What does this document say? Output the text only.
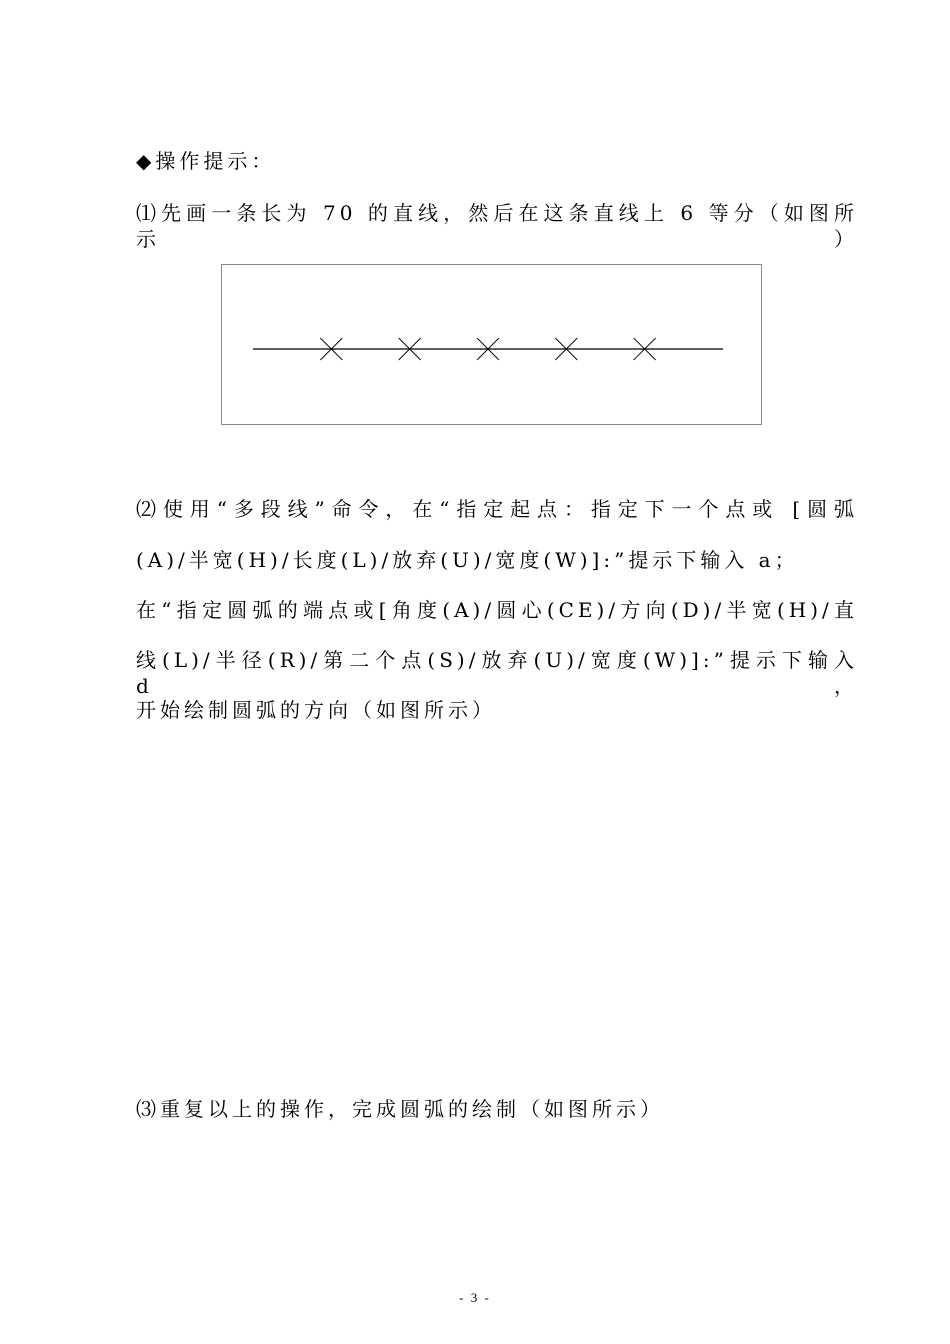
◆操作提示：
⑴先画一条长为 70 的直线，然后在这条直线上 6 等分（如图所示）
⑵使用“多段线”命令，在“指定起点：指定下一个点或 [圆弧
(A)/半宽(H)/长度(L)/放弃(U)/宽度(W)]:”提示下输入 a；
在“指定圆弧的端点或[角度(A)/圆心(CE)/方向(D)/半宽(H)/直
线(L)/半径(R)/第二个点(S)/放弃(U)/宽度(W)]:”提示下输入 d，
开始绘制圆弧的方向（如图所示）
⑶重复以上的操作，完成圆弧的绘制（如图所示）
- 3 -
